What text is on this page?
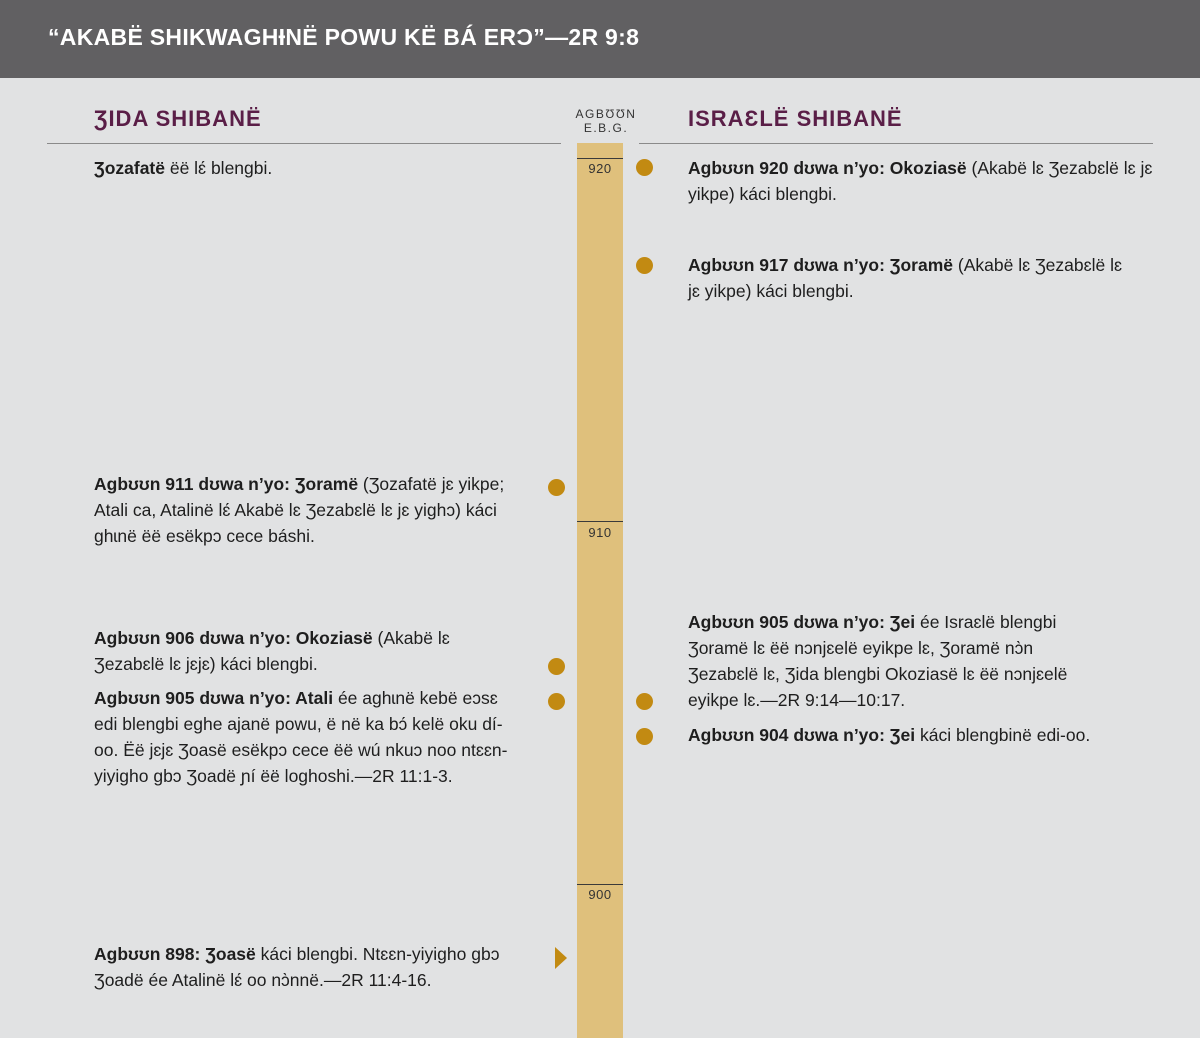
“AKABË SHIKWAGHƗNË POWU KË BÁ ERƆ”—2R 9:8
ƷIDA SHIBANË	ISRAƐLË SHIBANË
AGBƱƱN
E.B.G.
920
910
900
Ʒozafatë ëë lɛ́ blengbi.
Agbʊʊn 911 dʊwa n’yo: Ʒoramë (Ʒozafatë jɛ yikpe; Atali ca, Atalinë lɛ́ Akabë lɛ Ʒezabɛlë lɛ jɛ yighɔ) káci ghɩnë ëë esëkpɔ cece báshi.
Agbʊʊn 906 dʊwa n’yo: Okoziasë (Akabë lɛ Ʒezabɛlë lɛ jɛjɛ) káci blengbi.
Agbʊʊn 905 dʊwa n’yo: Atali ée aghɩnë kebë eɔsɛ edi blengbi eghe ajanë powu, ë në ka bɔ́ kelë oku dí-oo. Ëë jɛjɛ Ʒoasë esëkpɔ cece ëë wú nkuɔ noo ntɛɛn-yiyigho gbɔ Ʒoadë ɲí ëë loghoshi.—2R 11:1-3.
Agbʊʊn 898: Ʒoasë káci blengbi. Ntɛɛn-yiyigho gbɔ Ʒoadë ée Atalinë lɛ́ oo nɔ̀nnë.—2R 11:4-16.
Agbʊʊn 920 dʊwa n’yo: Okoziasë (Akabë lɛ Ʒezabɛlë lɛ jɛ yikpe) káci blengbi.
Agbʊʊn 917 dʊwa n’yo: Ʒoramë (Akabë lɛ Ʒezabɛlë lɛ jɛ yikpe) káci blengbi.
Agbʊʊn 905 dʊwa n’yo: Ʒei ée Israɛlë blengbi Ʒoramë lɛ ëë nɔnjɛelë eyikpe lɛ, Ʒoramë nɔ̀n Ʒezabɛlë lɛ, Ʒida blengbi Okoziasë lɛ ëë nɔnjɛelë eyikpe lɛ.—2R 9:14—10:17.
Agbʊʊn 904 dʊwa n’yo: Ʒei káci blengbinë edi-oo.
